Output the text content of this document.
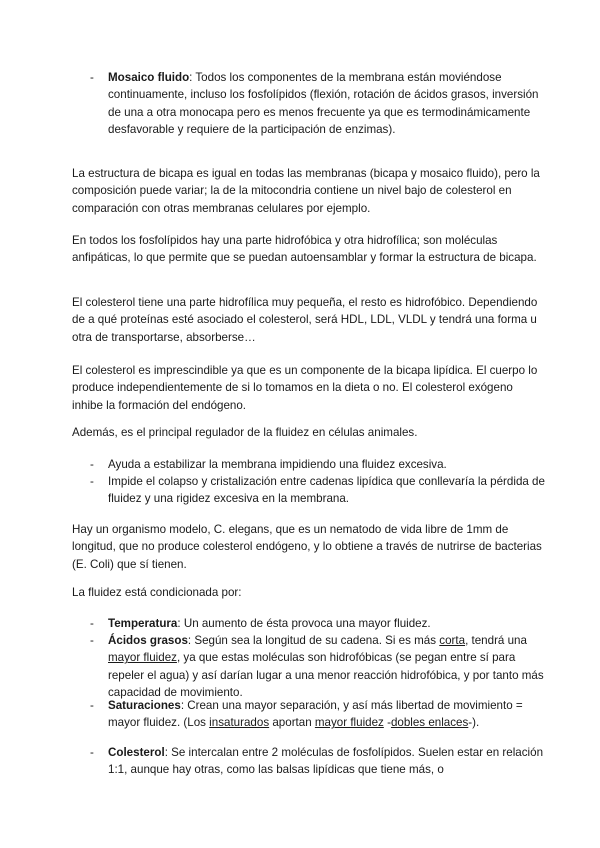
- Mosaico fluido: Todos los componentes de la membrana están moviéndose continuamente, incluso los fosfolípidos (flexión, rotación de ácidos grasos, inversión de una a otra monocapa pero es menos frecuente ya que es termodinámicamente desfavorable y requiere de la participación de enzimas).

La estructura de bicapa es igual en todas las membranas (bicapa y mosaico fluido), pero la composición puede variar; la de la mitocondria contiene un nivel bajo de colesterol en comparación con otras membranas celulares por ejemplo.

En todos los fosfolípidos hay una parte hidrofóbica y otra hidrofílica; son moléculas anfipáticas, lo que permite que se puedan autoensamblar y formar la estructura de bicapa.

El colesterol tiene una parte hidrofílica muy pequeña, el resto es hidrofóbico. Dependiendo de a qué proteínas esté asociado el colesterol, será HDL, LDL, VLDL y tendrá una forma u otra de transportarse, absorberse…

El colesterol es imprescindible ya que es un componente de la bicapa lipídica. El cuerpo lo produce independientemente de si lo tomamos en la dieta o no. El colesterol exógeno inhibe la formación del endógeno.

Además, es el principal regulador de la fluidez en células animales.

- Ayuda a estabilizar la membrana impidiendo una fluidez excesiva.

- Impide el colapso y cristalización entre cadenas lipídica que conllevaría la pérdida de fluidez y una rigidez excesiva en la membrana.

Hay un organismo modelo, C. elegans, que es un nematodo de vida libre de 1mm de longitud, que no produce colesterol endógeno, y lo obtiene a través de nutrirse de bacterias (E. Coli) que sí tienen.

La fluidez está condicionada por:

- Temperatura: Un aumento de ésta provoca una mayor fluidez.

- Ácidos grasos: Según sea la longitud de su cadena. Si es más corta, tendrá una mayor fluidez, ya que estas moléculas son hidrofóbicas (se pegan entre sí para repeler el agua) y así darían lugar a una menor reacción hidrofóbica, y por tanto más capacidad de movimiento.

- Saturaciones: Crean una mayor separación, y así más libertad de movimiento = mayor fluidez. (Los insaturados aportan mayor fluidez -dobles enlaces-).

- Colesterol: Se intercalan entre 2 moléculas de fosfolípidos. Suelen estar en relación 1:1, aunque hay otras, como las balsas lipídicas que tiene más, o
